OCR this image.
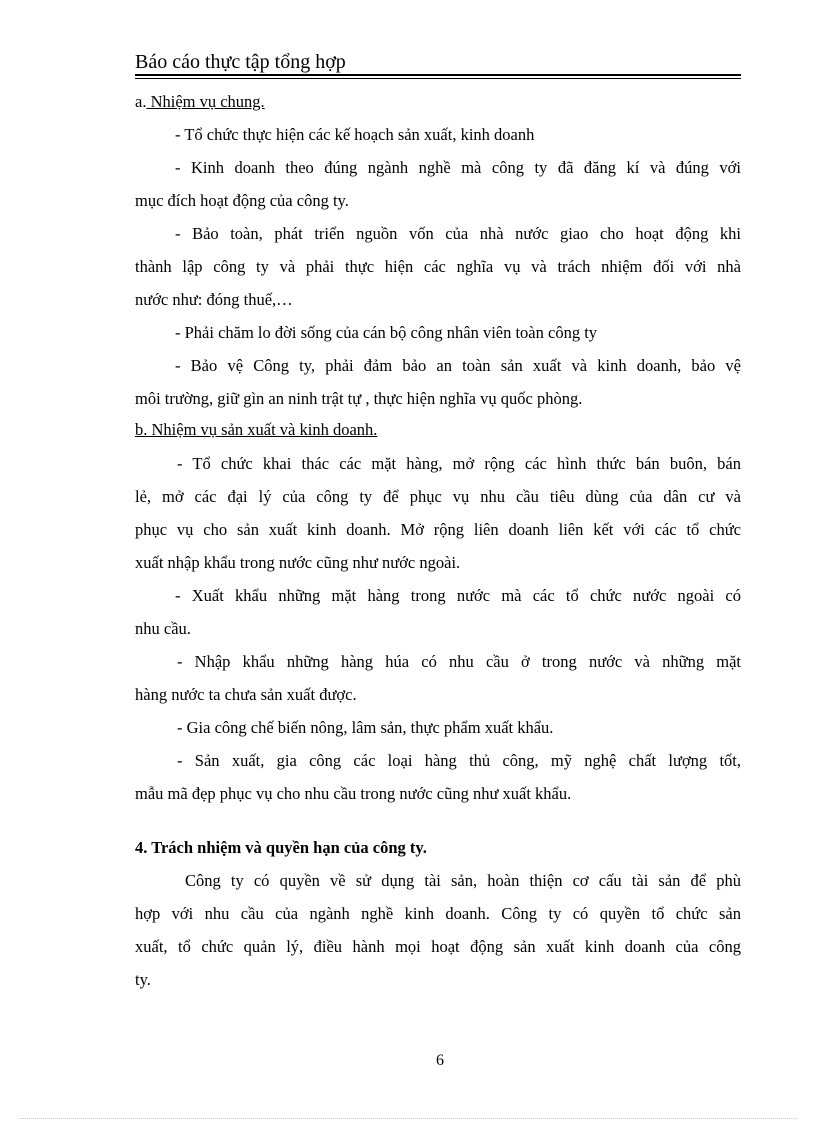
Báo cáo thực tập tổng hợp
a. Nhiệm vụ chung.
- Tổ chức thực hiện các kế hoạch sản xuất, kinh doanh
- Kinh doanh theo đúng ngành nghề mà công ty đã đăng kí và đúng với
mục đích hoạt động của công ty.
- Bảo toàn, phát triển nguồn vốn của nhà nước giao cho hoạt động khi
thành lập công ty và phải thực hiện các nghĩa vụ và trách nhiệm đối với nhà
nước như: đóng thuế,…
- Phải chăm lo đời sống của cán bộ công nhân viên toàn công ty
- Bảo vệ Công ty, phải đảm bảo an toàn sản xuất và kinh doanh, bảo vệ
môi trường, giữ gìn an ninh trật tự , thực hiện nghĩa vụ quốc phòng.
b. Nhiệm vụ sản xuất và kinh doanh.
- Tổ chức khai thác các mặt hàng, mở rộng các hình thức bán buôn, bán
lẻ, mở các đại lý của công ty để phục vụ nhu cầu tiêu dùng của dân cư và
phục vụ cho sản xuất kinh doanh. Mở rộng liên doanh liên kết với các tổ chức
xuất nhập khẩu trong nước cũng như nước ngoài.
- Xuất khẩu những mặt hàng trong nước mà các tổ chức nước ngoài có
nhu cầu.
- Nhập khẩu những hàng húa có nhu cầu ở trong nước và những mặt
hàng nước ta chưa sản xuất được.
- Gia công chế biến nông, lâm sản, thực phẩm xuất khẩu.
- Sản xuất, gia công các loại hàng thủ công, mỹ nghệ chất lượng tốt,
mẫu mã đẹp phục vụ cho nhu cầu trong nước cũng như xuất khẩu.
4. Trách nhiệm và quyền hạn của công ty.
Công ty có quyền về sử dụng tài sản, hoàn thiện cơ cấu tài sản để phù
hợp với nhu cầu của ngành nghề kinh doanh. Công ty có quyền tổ chức sản
xuất, tổ chức quản lý, điều hành mọi hoạt động sản xuất kinh doanh của công
ty.
6
